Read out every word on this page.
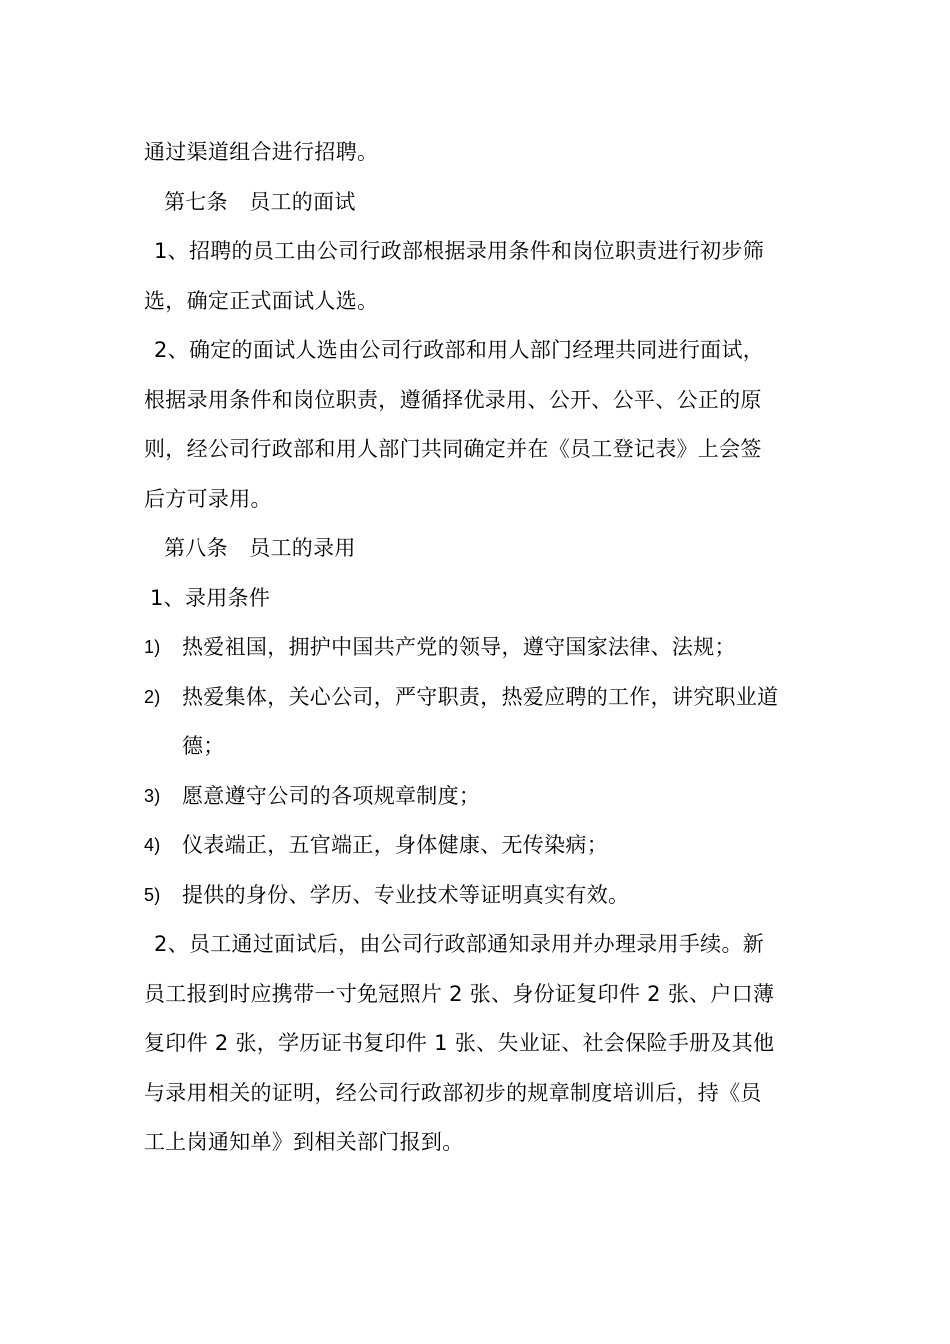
通过渠道组合进行招聘。
第七条　员工的面试
1、招聘的员工由公司行政部根据录用条件和岗位职责进行初步筛
选，确定正式面试人选。
2、确定的面试人选由公司行政部和用人部门经理共同进行面试，
根据录用条件和岗位职责，遵循择优录用、公开、公平、公正的原
则，经公司行政部和用人部门共同确定并在《员工登记表》上会签
后方可录用。
第八条　员工的录用
1、录用条件
1)	热爱祖国，拥护中国共产党的领导，遵守国家法律、法规；
2)	热爱集体，关心公司，严守职责，热爱应聘的工作，讲究职业道
德；
3)	愿意遵守公司的各项规章制度；
4)	仪表端正，五官端正，身体健康、无传染病；
5)	提供的身份、学历、专业技术等证明真实有效。
2、员工通过面试后，由公司行政部通知录用并办理录用手续。新
员工报到时应携带一寸免冠照片 2 张、身份证复印件 2 张、户口薄
复印件 2 张，学历证书复印件 1 张、失业证、社会保险手册及其他
与录用相关的证明，经公司行政部初步的规章制度培训后，持《员
工上岗通知单》到相关部门报到。
